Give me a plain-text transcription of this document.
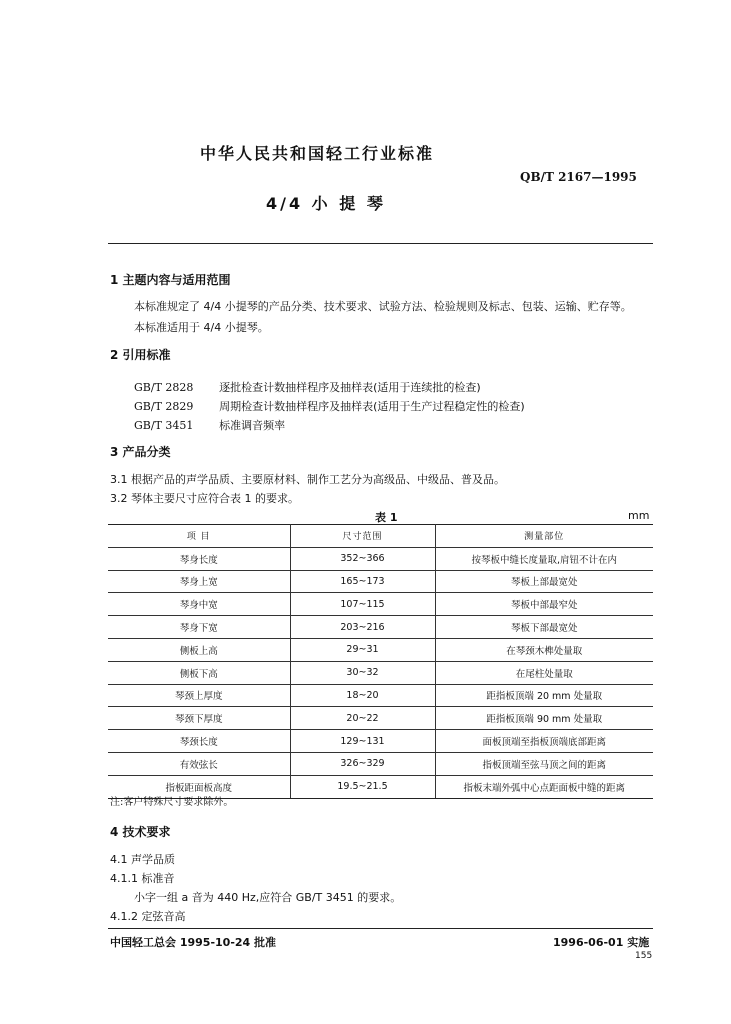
中华人民共和国轻工行业标准
QB/T 2167—1995
4/4 小 提 琴
1 主题内容与适用范围
本标准规定了 4/4 小提琴的产品分类、技术要求、试验方法、检验规则及标志、包装、运输、贮存等。
本标准适用于 4/4 小提琴。
2 引用标准
GB/T 2828 逐批检查计数抽样程序及抽样表(适用于连续批的检查)
GB/T 2829 周期检查计数抽样程序及抽样表(适用于生产过程稳定性的检查)
GB/T 3451 标准调音频率
3 产品分类
3.1 根据产品的声学品质、主要原材料、制作工艺分为高级品、中级品、普及品。
3.2 琴体主要尺寸应符合表 1 的要求。
表 1	mm
项 目	尺寸范围	测量部位
琴身长度	352~366	按琴板中缝长度量取,肩钮不计在内
琴身上宽	165~173	琴板上部最宽处
琴身中宽	107~115	琴板中部最窄处
琴身下宽	203~216	琴板下部最宽处
侧板上高	29~31	在琴颈木榫处量取
侧板下高	30~32	在尾柱处量取
琴颈上厚度	18~20	距指板顶端 20 mm 处量取
琴颈下厚度	20~22	距指板顶端 90 mm 处量取
琴颈长度	129~131	面板顶端至指板顶端底部距离
有效弦长	326~329	指板顶端至弦马顶之间的距离
指板距面板高度	19.5~21.5	指板末端外弧中心点距面板中缝的距离
注:客户特殊尺寸要求除外。
4 技术要求
4.1 声学品质
4.1.1 标准音
小字一组 a 音为 440 Hz,应符合 GB/T 3451 的要求。
4.1.2 定弦音高
中国轻工总会 1995-10-24 批准	1996-06-01 实施
155
